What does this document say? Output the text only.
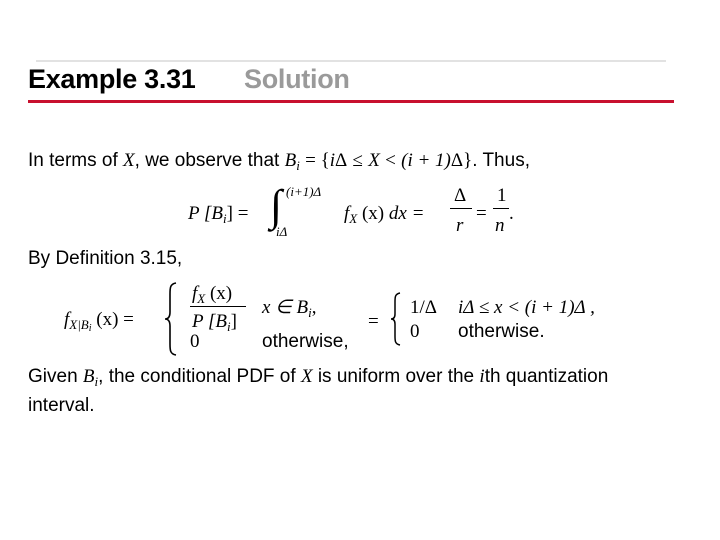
Example 3.31 Solution
In terms of X, we observe that $B_i = \{i\Delta \le X < (i + 1)\Delta\}$. Thus,
P $[B_i]$ = ∫ (i+1)Δ
iΔ
$f_X$ (x) dx =
Δ
r
=
1
n
.
By Definition 3.15,
$f_{X|Bi}$ (x) =
$f_X$ (x)
P $[B_i]$
x ∈ $B_i$,
0	otherwise,
=
1/Δ iΔ ≤ x < (i + 1)Δ ,
0 otherwise.
Given $B_i$, the conditional PDF of X is uniform over the ith quantization
interval.
